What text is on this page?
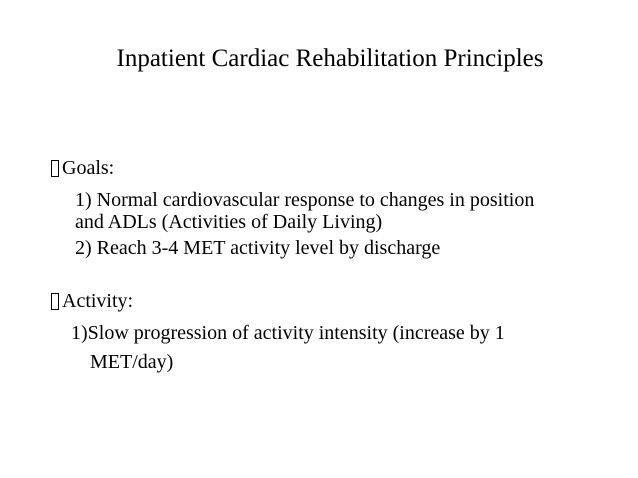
Inpatient Cardiac Rehabilitation Principles
Goals:
1) Normal cardiovascular response to changes in position
and ADLs (Activities of Daily Living)
2) Reach 3-4 MET activity level by discharge
Activity:
1)Slow progression of activity intensity (increase by 1
MET/day)
